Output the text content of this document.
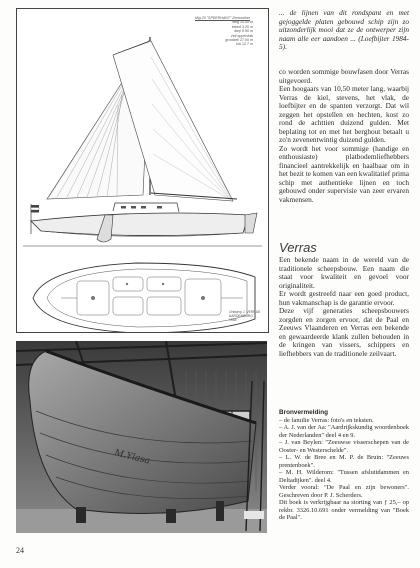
Mig 25 "SPEERHANT" Zechoniker
lang 10.50 m
breed 3.20 m
diep 0.90 m
zeil oppervlak
grootzeil 27.00 m
fok 12.7 m
Ontwerp J. VERRAS
AARDENBURG
1984
M.Ylasa
... de lijnen van dit rondspant en met gejoggelde platen gebouwd schip zijn zo uitzonderlijk mooi dat ze de ontwerper zijn naam alle eer aandoen ... (Loefbijter 1984-5).

co worden sommige bouwfasen door Verras uitgevoerd.

Een hoogaars van 10,50 meter lang, waarbij Verras de kiel, stevens, het vlak, de loefbijter en de spanten verzorgt. Dat wil zeggen het opstellen en hechten, kost zo rond de achttien duizend gulden. Met beplating tot en met het berghout betaalt u zo'n zevenentwintig duizend gulden.

Zo wordt het voor sommige (handige en enthousiaste) platbodemliefhebbers financieel aantrekkelijk en haalbaar om in het bezit te komen van een kwalitatief prima schip met authentieke lijnen en toch gebouwd onder supervisie van zeer ervaren vakmensen.

Verras

Een bekende naam in de wereld van de traditionele scheepsbouw. Een naam die staat voor kwaliteit en gevoel voor originaliteit.

Er wordt gestreefd naar een goed product, hun vakmanschap is de garantie ervoor.

Deze vijf generaties scheepsbouwers zorgden en zorgen ervoor, dat de Paal en Zeeuws Vlaanderen en Verras een bekende en gewaardeerde klank zullen behouden in de kringen van vissers, schippers en liefhebbers van de traditionele zeilvaart.

Bronvermelding

– de familie Verras: foto's en teksten.

– A. J. van der Aa: "Aardrijkskundig woordenboek der Nederlanden" deel 4 en 9.

– J. van Beylen: "Zeeuwse visserschepen van de Ooster- en Westerschelde".

– L. W. de Bree en M. P. de Bruin: "Zeeuws prentenboek".

– M. H. Wilderom: "Tussen afsluitdammen en Deltadijken". deel 4.

Verder vooral: "De Paal en zijn bewoners". Geschreven door P. J. Scherders.

Dit boek is verkrijgbaar na storting van ƒ 25,– op rekbr. 3326.10.691 onder vermelding van "Boek de Paal".

24
